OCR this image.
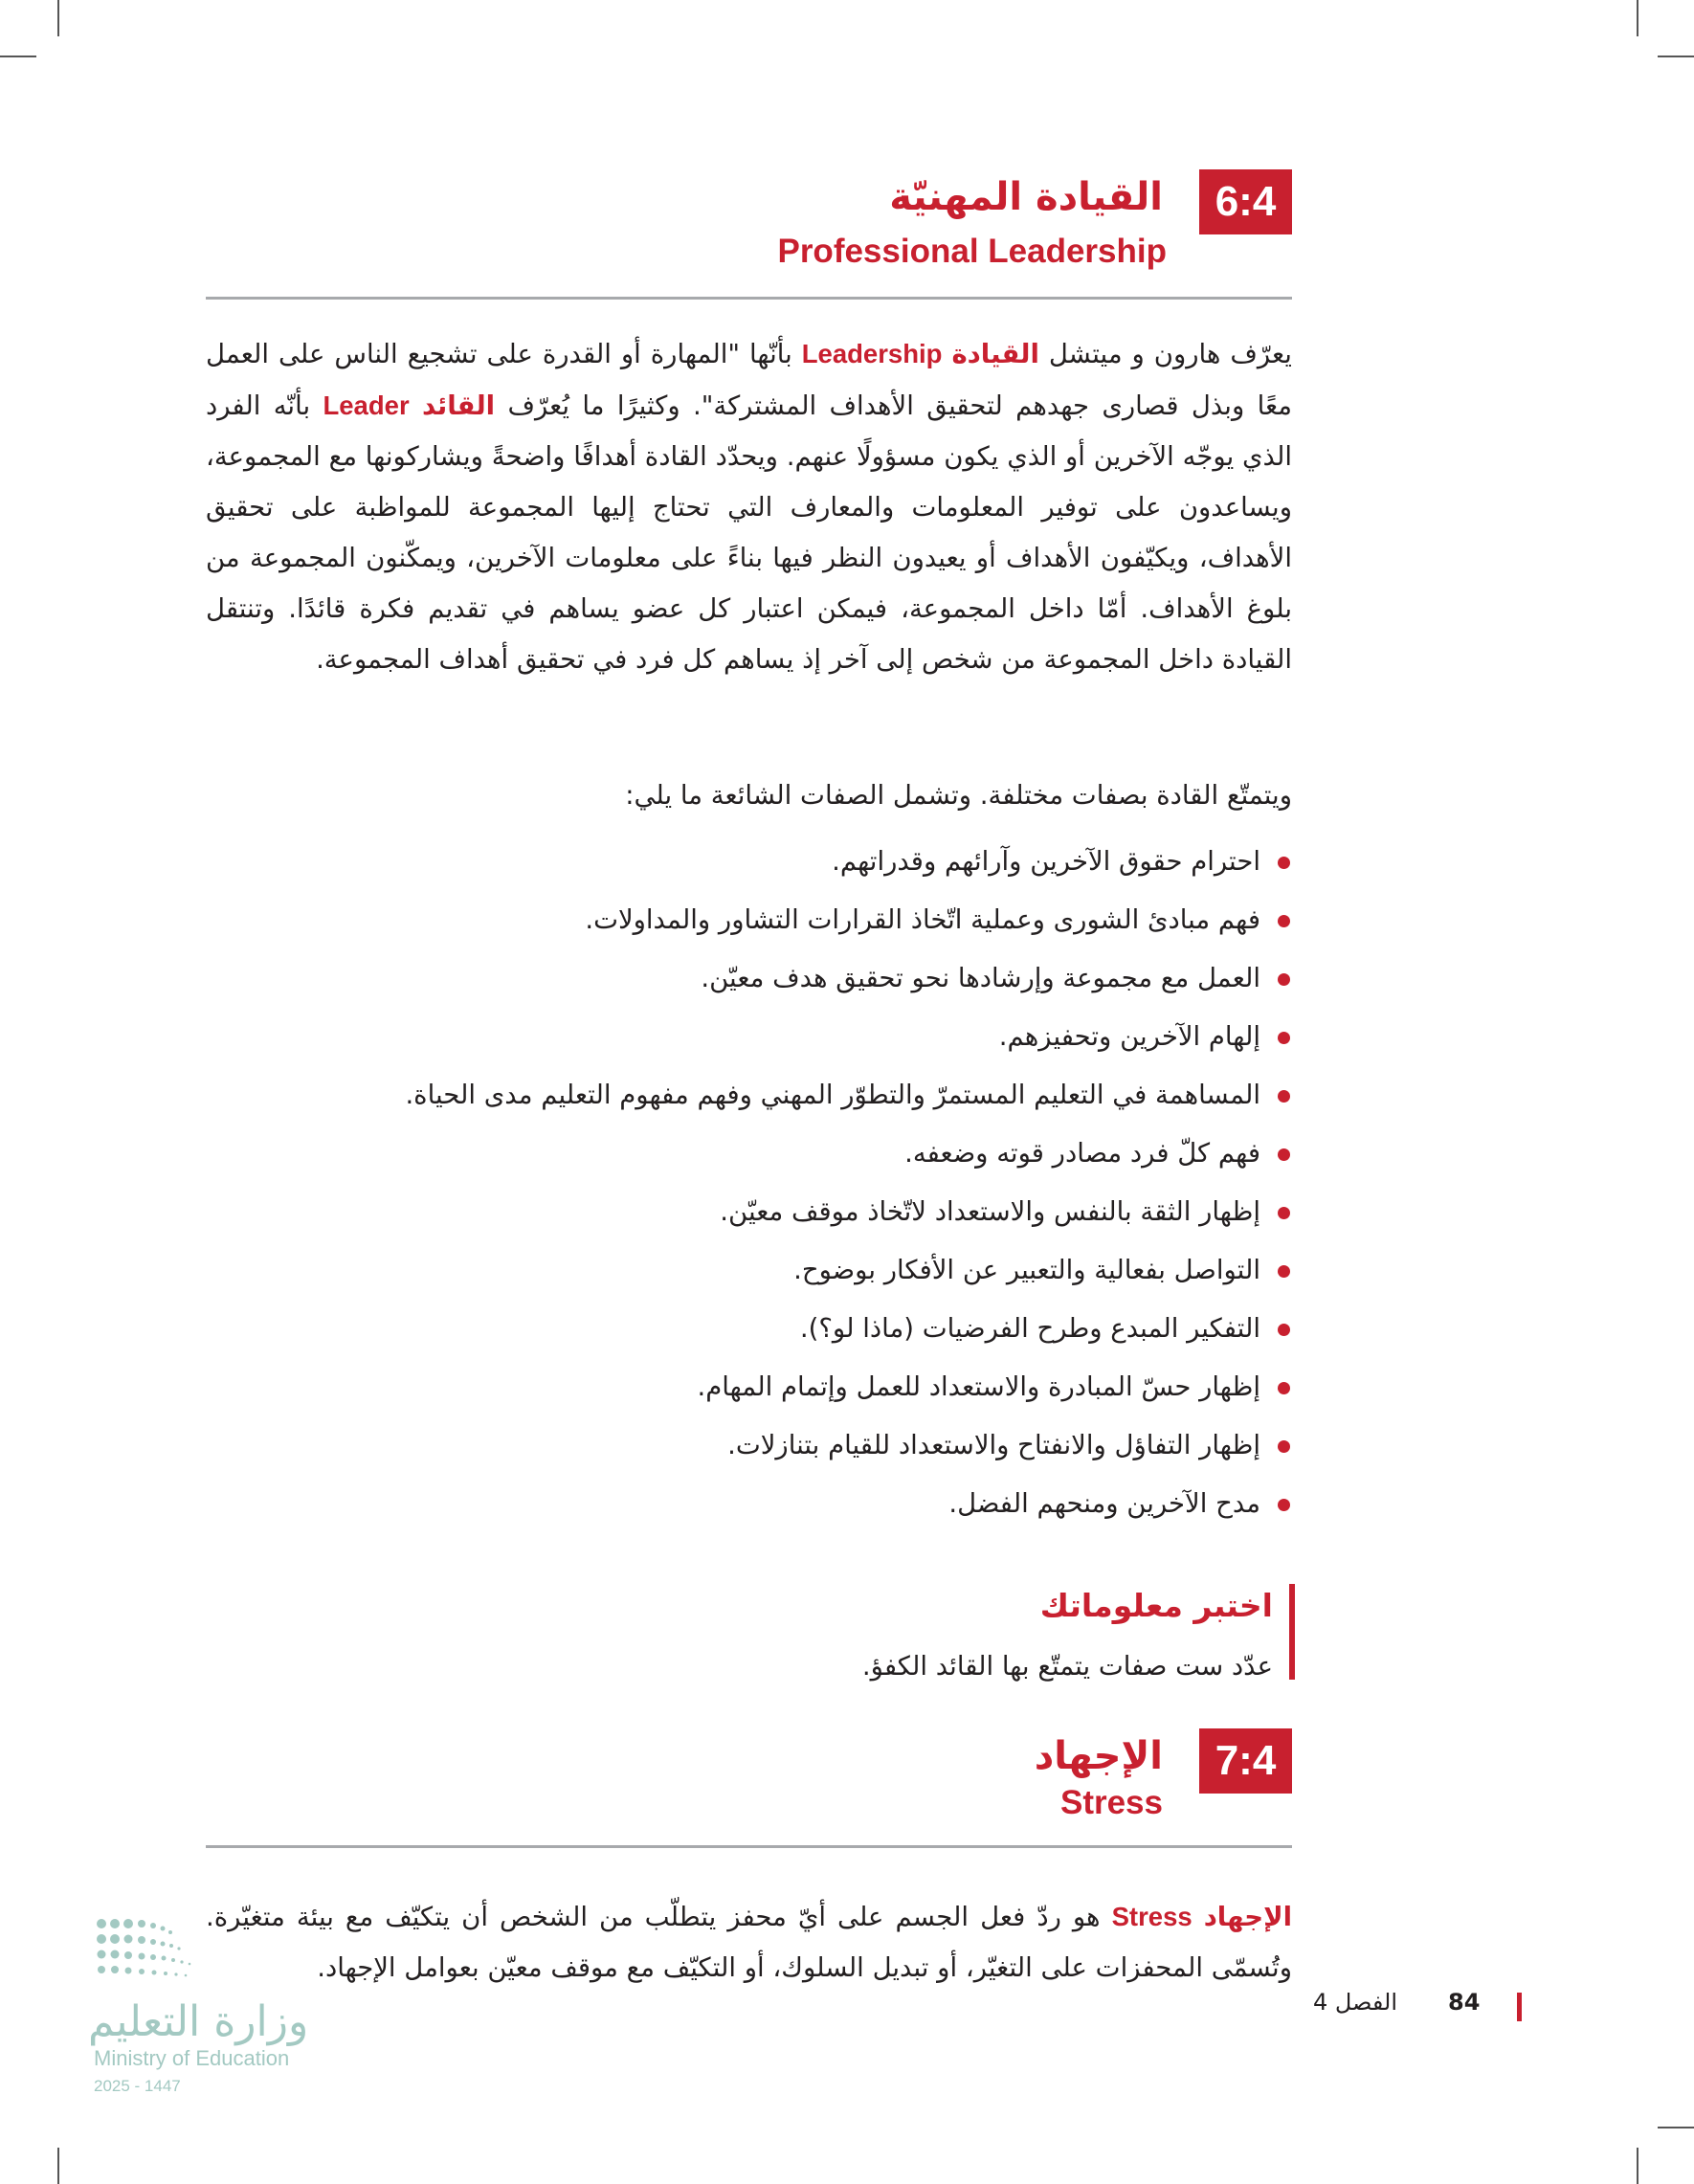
6:4
القيادة المهنيّة
Professional Leadership

يعرّف هارون و ميتشل القيادة Leadership بأنّها "المهارة أو القدرة على تشجيع الناس على العمل معًا وبذل قصارى جهدهم لتحقيق الأهداف المشتركة". وكثيرًا ما يُعرّف القائد Leader بأنّه الفرد الذي يوجّه الآخرين أو الذي يكون مسؤولًا عنهم. ويحدّد القادة أهدافًا واضحةً ويشاركونها مع المجموعة، ويساعدون على توفير المعلومات والمعارف التي تحتاج إليها المجموعة للمواظبة على تحقيق الأهداف، ويكيّفون الأهداف أو يعيدون النظر فيها بناءً على معلومات الآخرين، ويمكّنون المجموعة من بلوغ الأهداف. أمّا داخل المجموعة، فيمكن اعتبار كل عضو يساهم في تقديم فكرة قائدًا. وتنتقل القيادة داخل المجموعة من شخص إلى آخر إذ يساهم كل فرد في تحقيق أهداف المجموعة.

ويتمتّع القادة بصفات مختلفة. وتشمل الصفات الشائعة ما يلي:
احترام حقوق الآخرين وآرائهم وقدراتهم.
فهم مبادئ الشورى وعملية اتّخاذ القرارات التشاور والمداولات.
العمل مع مجموعة وإرشادها نحو تحقيق هدف معيّن.
إلهام الآخرين وتحفيزهم.
المساهمة في التعليم المستمرّ والتطوّر المهني وفهم مفهوم التعليم مدى الحياة.
فهم كلّ فرد مصادر قوته وضعفه.
إظهار الثقة بالنفس والاستعداد لاتّخاذ موقف معيّن.
التواصل بفعالية والتعبير عن الأفكار بوضوح.
التفكير المبدع وطرح الفرضيات (ماذا لو؟).
إظهار حسّ المبادرة والاستعداد للعمل وإتمام المهام.
إظهار التفاؤل والانفتاح والاستعداد للقيام بتنازلات.
مدح الآخرين ومنحهم الفضل.
اختبر معلوماتك
عدّد ست صفات يتمتّع بها القائد الكفؤ.
7:4
الإجهاد
Stress

الإجهاد Stress هو ردّ فعل الجسم على أيّ محفز يتطلّب من الشخص أن يتكيّف مع بيئة متغيّرة. وتُسمّى المحفزات على التغيّر، أو تبديل السلوك، أو التكيّف مع موقف معيّن بعوامل الإجهاد.

84
الفصل 4
وزارة التعليم
Ministry of Education
2025 - 1447
